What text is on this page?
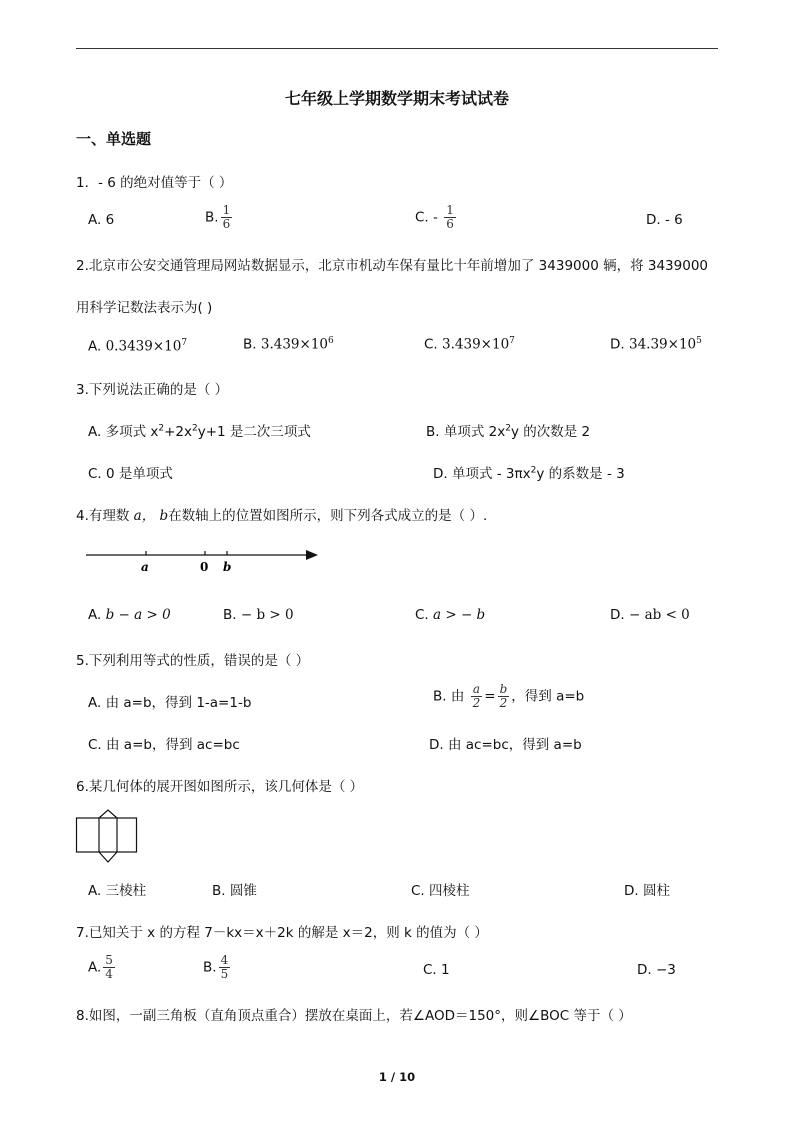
七年级上学期数学期末考试试卷
一、单选题
1．- 6 的绝对值等于（ ）
A. 6	B. $\frac{1}{6}$	C. - $\frac{1}{6}$	D. - 6
2.北京市公安交通管理局网站数据显示，北京市机动车保有量比十年前增加了 3439000 辆，将 3439000
用科学记数法表示为( )
A. $0.3439\times 10^7$	B. $3.439\times 10^6$	C. $3.439\times 10^7$	D. $34.39\times 10^5$
3.下列说法正确的是（ ）
A. 多项式 $x^2+2x^2y+1$ 是二次三项式	B. 单项式 $2x^2y$ 的次数是 2
C. 0 是单项式	D. 单项式 - $3\pi x^2y$ 的系数是 - 3
4.有理数 a， b在数轴上的位置如图所示，则下列各式成立的是（ ）.
a	0 b
A. b − a > 0	B. − b > 0	C. a > − b	D. − ab < 0
5.下列利用等式的性质，错误的是（ ）
A. 由 a=b，得到 1-a=1-b	B. 由 $\frac{a}{2} = \frac{b}{2}$ ，得到 a=b
C. 由 a=b，得到 ac=bc	D. 由 ac=bc，得到 a=b
6.某几何体的展开图如图所示，该几何体是（ ）
A. 三棱柱	B. 圆锥	C. 四棱柱	D. 圆柱
7.已知关于 x 的方程 7－kx＝x＋2k 的解是 x＝2，则 k 的值为（ ）
A. $\frac{5}{4}$	B. $\frac{4}{5}$	C. 1	D. −3
8.如图，一副三角板（直角顶点重合）摆放在桌面上，若∠AOD＝150°，则∠BOC 等于（ ）
1 / 10
